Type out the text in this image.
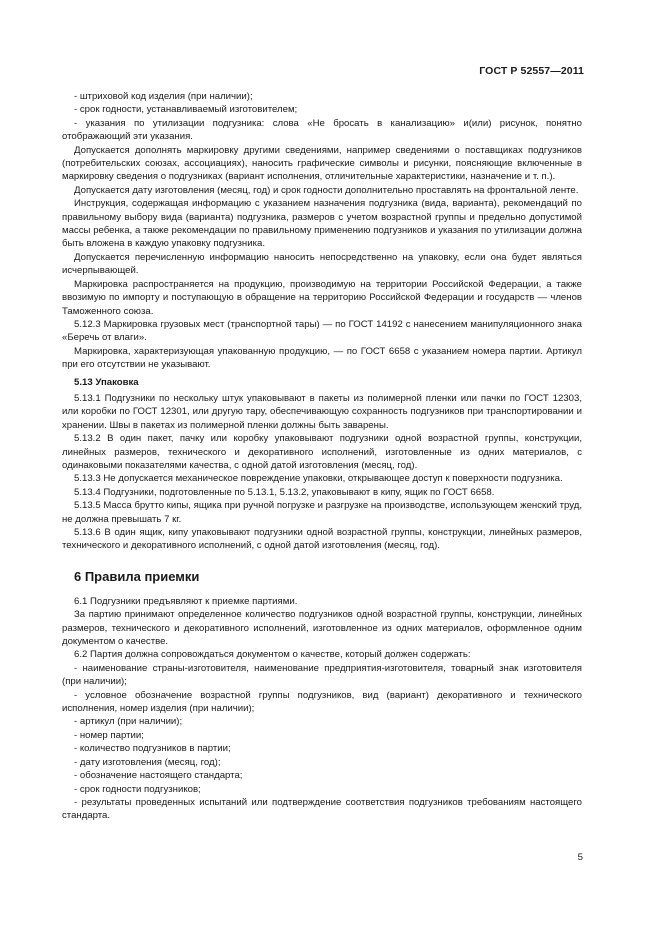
ГОСТ Р 52557—2011
- штриховой код изделия (при наличии);
- срок годности, устанавливаемый изготовителем;
- указания по утилизации подгузника: слова «Не бросать в канализацию» и(или) рисунок, понятно отображающий эти указания.
Допускается дополнять маркировку другими сведениями, например сведениями о поставщиках подгузников (потребительских союзах, ассоциациях), наносить графические символы и рисунки, поясняющие включенные в маркировку сведения о подгузниках (вариант исполнения, отличительные характеристики, назначение и т. п.).
Допускается дату изготовления (месяц, год) и срок годности дополнительно проставлять на фронтальной ленте.
Инструкция, содержащая информацию с указанием назначения подгузника (вида, варианта), рекомендаций по правильному выбору вида (варианта) подгузника, размеров с учетом возрастной группы и предельно допустимой массы ребенка, а также рекомендации по правильному применению подгузников и указания по утилизации должна быть вложена в каждую упаковку подгузника.
Допускается перечисленную информацию наносить непосредственно на упаковку, если она будет являться исчерпывающей.
Маркировка распространяется на продукцию, производимую на территории Российской Федерации, а также ввозимую по импорту и поступающую в обращение на территорию Российской Федерации и государств — членов Таможенного союза.
5.12.3 Маркировка грузовых мест (транспортной тары) — по ГОСТ 14192 с нанесением манипуляционного знака «Беречь от влаги».
Маркировка, характеризующая упакованную продукцию, — по ГОСТ 6658 с указанием номера партии. Артикул при его отсутствии не указывают.
5.13 Упаковка
5.13.1 Подгузники по нескольку штук упаковывают в пакеты из полимерной пленки или пачки по ГОСТ 12303, или коробки по ГОСТ 12301, или другую тару, обеспечивающую сохранность подгузников при транспортировании и хранении. Швы в пакетах из полимерной пленки должны быть заварены.
5.13.2 В один пакет, пачку или коробку упаковывают подгузники одной возрастной группы, конструкции, линейных размеров, технического и декоративного исполнений, изготовленные из одних материалов, с одинаковыми показателями качества, с одной датой изготовления (месяц, год).
5.13.3 Не допускается механическое повреждение упаковки, открывающее доступ к поверхности подгузника.
5.13.4 Подгузники, подготовленные по 5.13.1, 5.13.2, упаковывают в кипу, ящик по ГОСТ 6658.
5.13.5 Масса брутто кипы, ящика при ручной погрузке и разгрузке на производстве, использующем женский труд, не должна превышать 7 кг.
5.13.6 В один ящик, кипу упаковывают подгузники одной возрастной группы, конструкции, линейных размеров, технического и декоративного исполнений, с одной датой изготовления (месяц, год).
6 Правила приемки
6.1 Подгузники предъявляют к приемке партиями.
За партию принимают определенное количество подгузников одной возрастной группы, конструкции, линейных размеров, технического и декоративного исполнений, изготовленное из одних материалов, оформленное одним документом о качестве.
6.2 Партия должна сопровождаться документом о качестве, который должен содержать:
- наименование страны-изготовителя, наименование предприятия-изготовителя, товарный знак изготовителя (при наличии);
- условное обозначение возрастной группы подгузников, вид (вариант) декоративного и технического исполнения, номер изделия (при наличии);
- артикул (при наличии);
- номер партии;
- количество подгузников в партии;
- дату изготовления (месяц, год);
- обозначение настоящего стандарта;
- срок годности подгузников;
- результаты проведенных испытаний или подтверждение соответствия подгузников требованиям настоящего стандарта.
5
